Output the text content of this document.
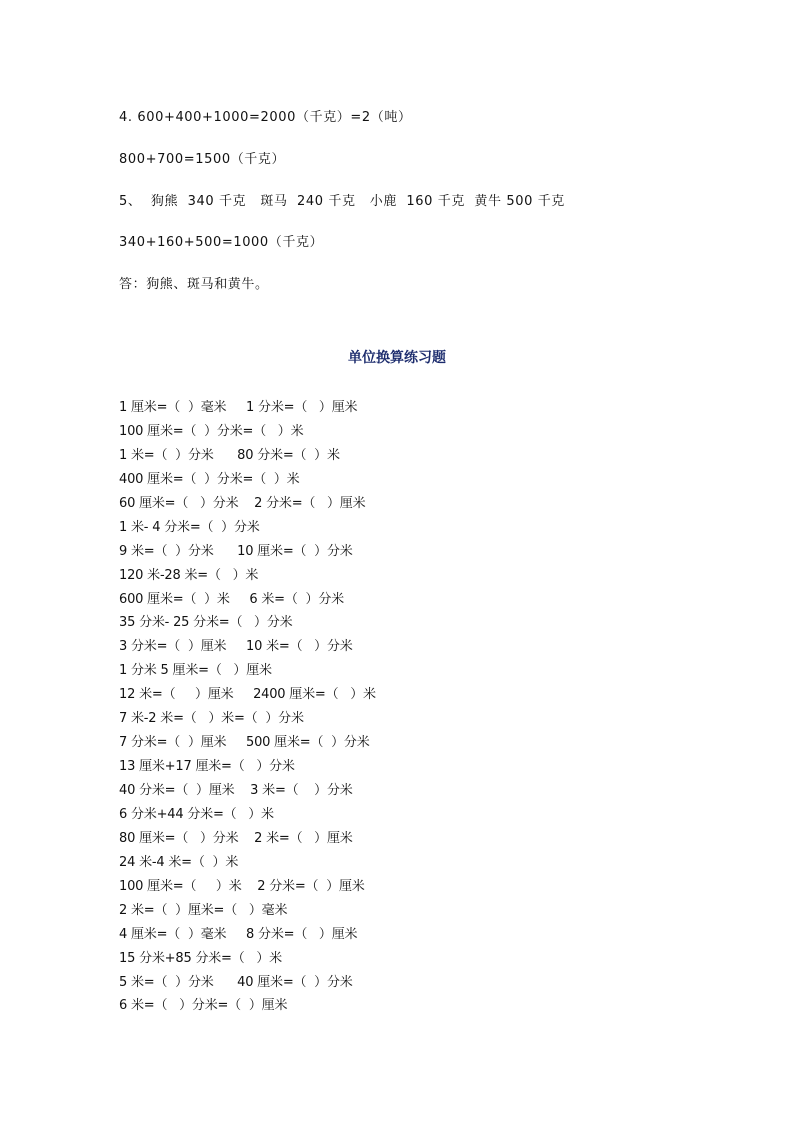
4. 600+400+1000=2000（千克）=2（吨）
800+700=1500（千克）
5、  狗熊  340 千克   斑马  240 千克   小鹿  160 千克  黄牛 500 千克
340+160+500=1000（千克）
答：狗熊、斑马和黄牛。
单位换算练习题
1 厘米=（  ）毫米     1 分米=（   ）厘米
100 厘米=（  ）分米=（   ）米
1 米=（  ）分米      80 分米=（  ）米
400 厘米=（  ）分米=（  ）米
60 厘米=（   ）分米    2 分米=（   ）厘米
1 米- 4 分米=（  ）分米
9 米=（  ）分米      10 厘米=（  ）分米
120 米-28 米=（   ）米
600 厘米=（  ）米     6 米=（  ）分米
35 分米- 25 分米=（   ）分米
3 分米=（  ）厘米     10 米=（   ）分米
1 分米 5 厘米=（   ）厘米
12 米=（     ）厘米     2400 厘米=（   ）米
7 米-2 米=（   ）米=（  ）分米
7 分米=（  ）厘米     500 厘米=（  ）分米
13 厘米+17 厘米=（   ）分米
40 分米=（  ）厘米    3 米=（    ）分米
6 分米+44 分米=（   ）米
80 厘米=（   ）分米    2 米=（   ）厘米
24 米-4 米=（  ）米
100 厘米=（     ）米    2 分米=（  ）厘米
2 米=（  ）厘米=（   ）毫米
4 厘米=（  ）毫米     8 分米=（   ）厘米
15 分米+85 分米=（   ）米
5 米=（  ）分米      40 厘米=（  ）分米
6 米=（   ）分米=（  ）厘米
